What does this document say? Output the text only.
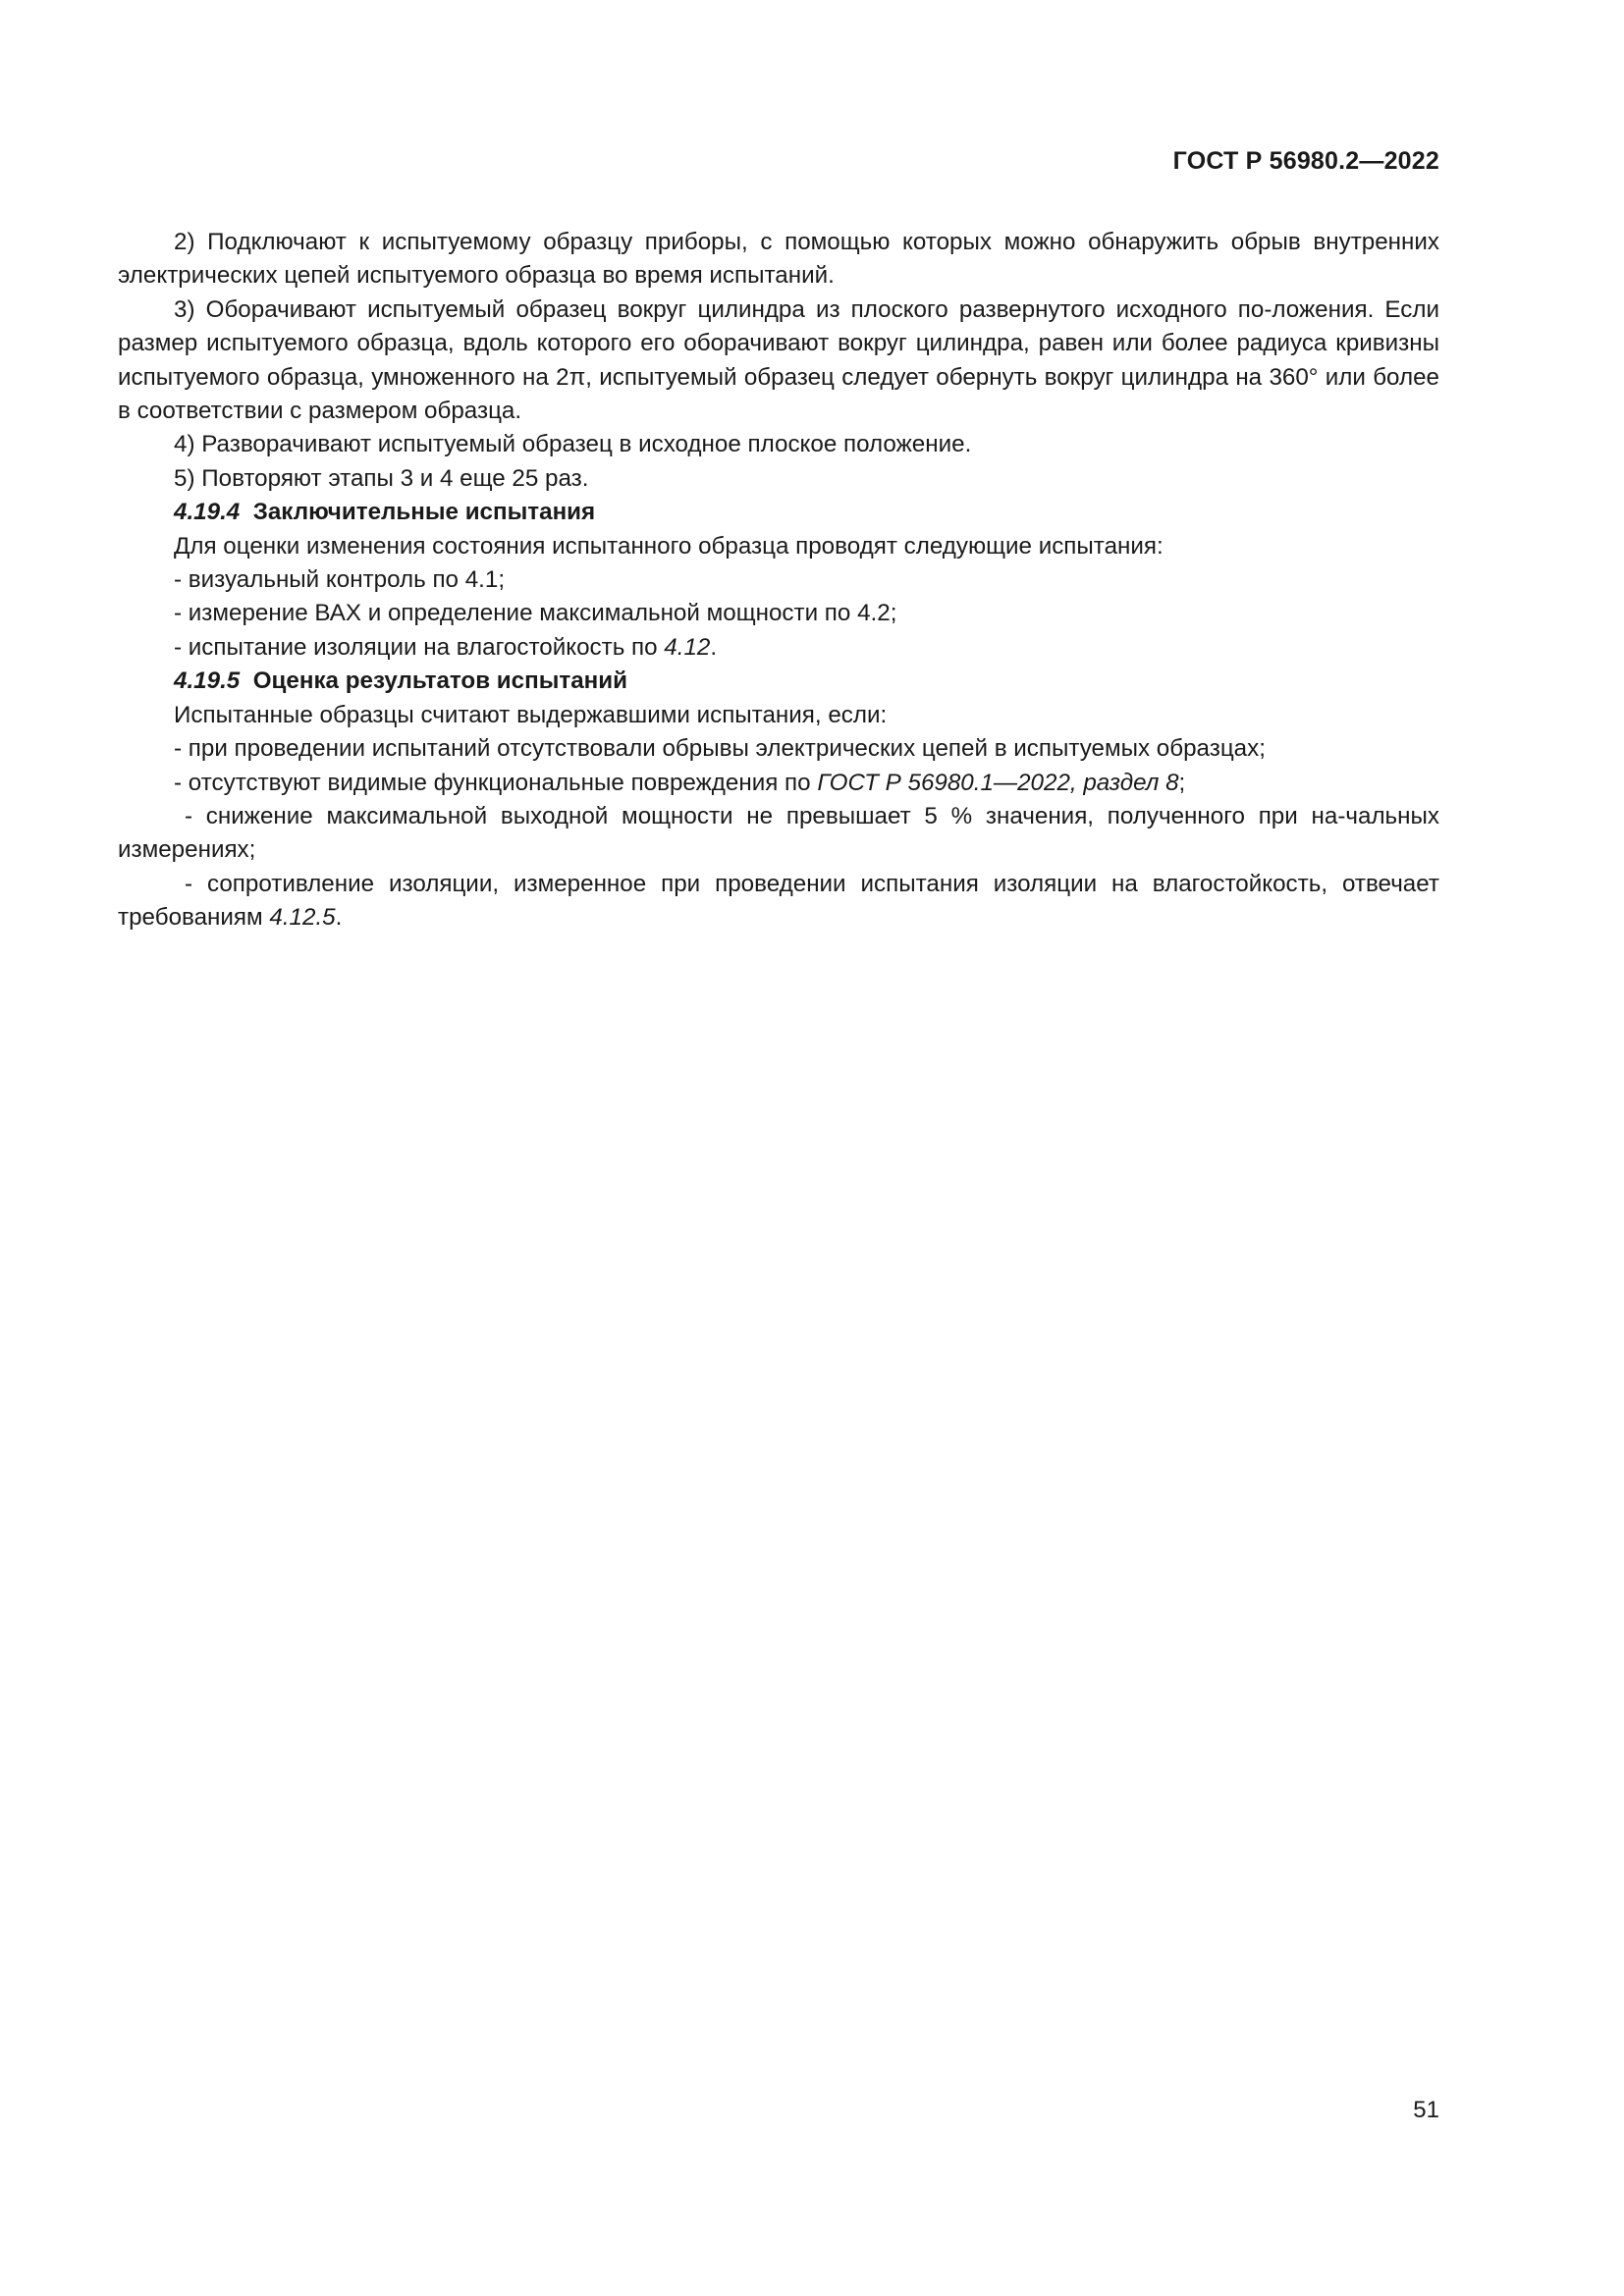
ГОСТ Р 56980.2—2022

2) Подключают к испытуемому образцу приборы, с помощью которых можно обнаружить обрыв внутренних электрических цепей испытуемого образца во время испытаний.

3) Оборачивают испытуемый образец вокруг цилиндра из плоского развернутого исходного по-ложения. Если размер испытуемого образца, вдоль которого его оборачивают вокруг цилиндра, равен или более радиуса кривизны испытуемого образца, умноженного на 2π, испытуемый образец следует обернуть вокруг цилиндра на 360° или более в соответствии с размером образца.

4) Разворачивают испытуемый образец в исходное плоское положение.

5) Повторяют этапы 3 и 4 еще 25 раз.

4.19.4 Заключительные испытания

Для оценки изменения состояния испытанного образца проводят следующие испытания:

- визуальный контроль по 4.1;

- измерение ВАХ и определение максимальной мощности по 4.2;

- испытание изоляции на влагостойкость по 4.12.

4.19.5 Оценка результатов испытаний

Испытанные образцы считают выдержавшими испытания, если:

- при проведении испытаний отсутствовали обрывы электрических цепей в испытуемых образцах;

- отсутствуют видимые функциональные повреждения по ГОСТ Р 56980.1—2022, раздел 8;

- снижение максимальной выходной мощности не превышает 5 % значения, полученного при на-чальных измерениях;

- сопротивление изоляции, измеренное при проведении испытания изоляции на влагостойкость, отвечает требованиям 4.12.5.

51
